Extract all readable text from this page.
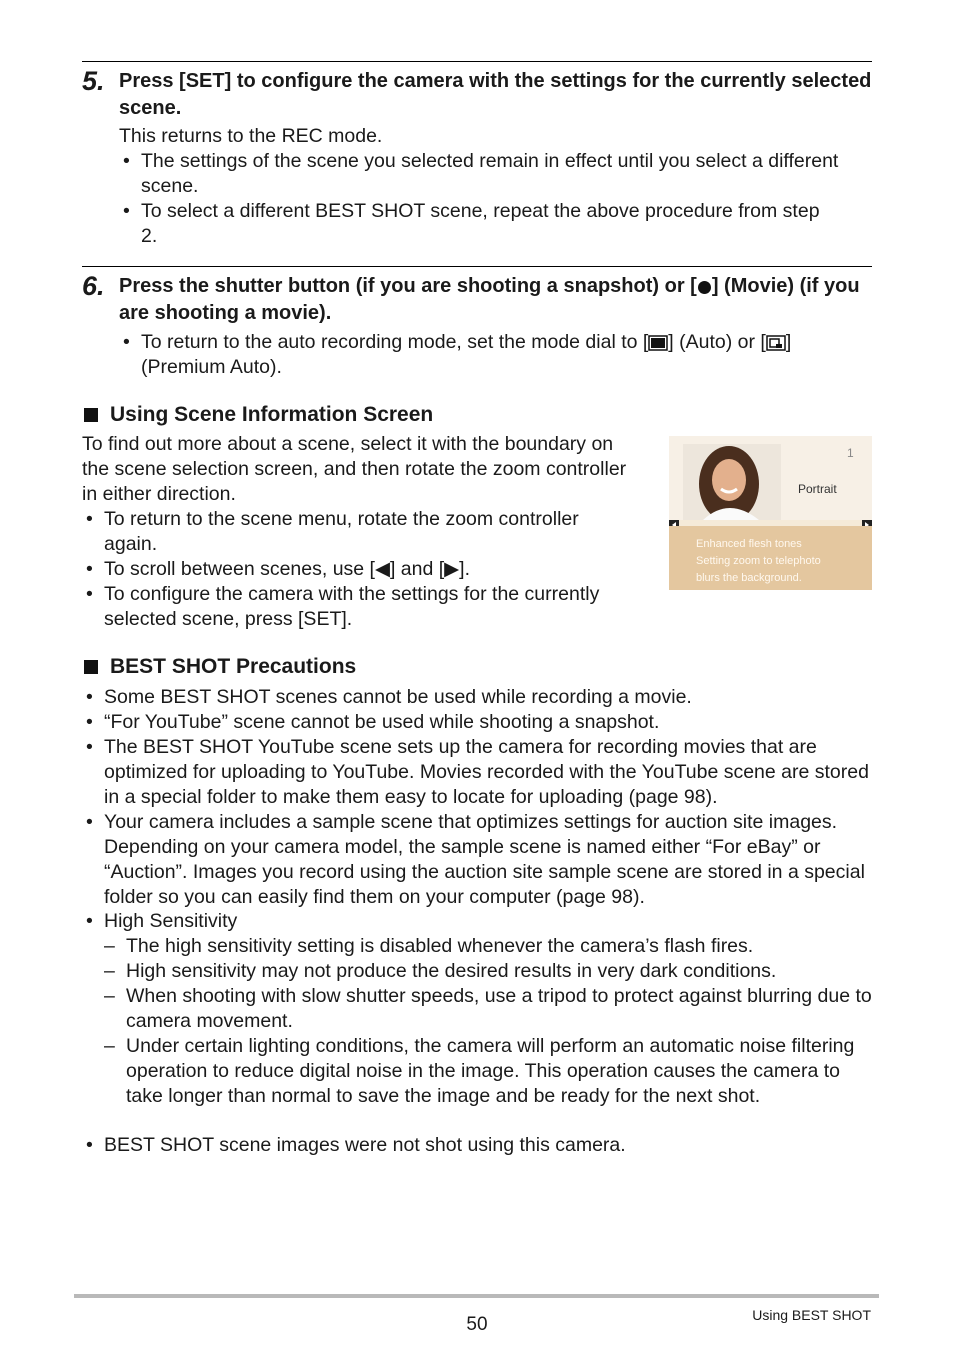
5. Press [SET] to configure the camera with the settings for the currently selected scene.
This returns to the REC mode.
• The settings of the scene you selected remain in effect until you select a different scene.
• To select a different BEST SHOT scene, repeat the above procedure from step 2.
6. Press the shutter button (if you are shooting a snapshot) or [ ] (Movie) (if you are shooting a movie).
• To return to the auto recording mode, set the mode dial to [ ] (Auto) or [ ] (Premium Auto).
Using Scene Information Screen
To find out more about a scene, select it with the boundary on the scene selection screen, and then rotate the zoom controller in either direction.
• To return to the scene menu, rotate the zoom controller again.
• To scroll between scenes, use [◀] and [▶].
• To configure the camera with the settings for the currently selected scene, press [SET].
1
Portrait
Enhanced flesh tones
Setting zoom to telephoto
blurs the background.
BEST SHOT Precautions
• Some BEST SHOT scenes cannot be used while recording a movie.
• “For YouTube” scene cannot be used while shooting a snapshot.
• The BEST SHOT YouTube scene sets up the camera for recording movies that are optimized for uploading to YouTube. Movies recorded with the YouTube scene are stored in a special folder to make them easy to locate for uploading (page 98).
• Your camera includes a sample scene that optimizes settings for auction site images. Depending on your camera model, the sample scene is named either “For eBay” or “Auction”. Images you record using the auction site sample scene are stored in a special folder so you can easily find them on your computer (page 98).
• High Sensitivity
– The high sensitivity setting is disabled whenever the camera’s flash fires.
– High sensitivity may not produce the desired results in very dark conditions.
– When shooting with slow shutter speeds, use a tripod to protect against blurring due to camera movement.
– Under certain lighting conditions, the camera will perform an automatic noise filtering operation to reduce digital noise in the image. This operation causes the camera to take longer than normal to save the image and be ready for the next shot.
• BEST SHOT scene images were not shot using this camera.
50	Using BEST SHOT
